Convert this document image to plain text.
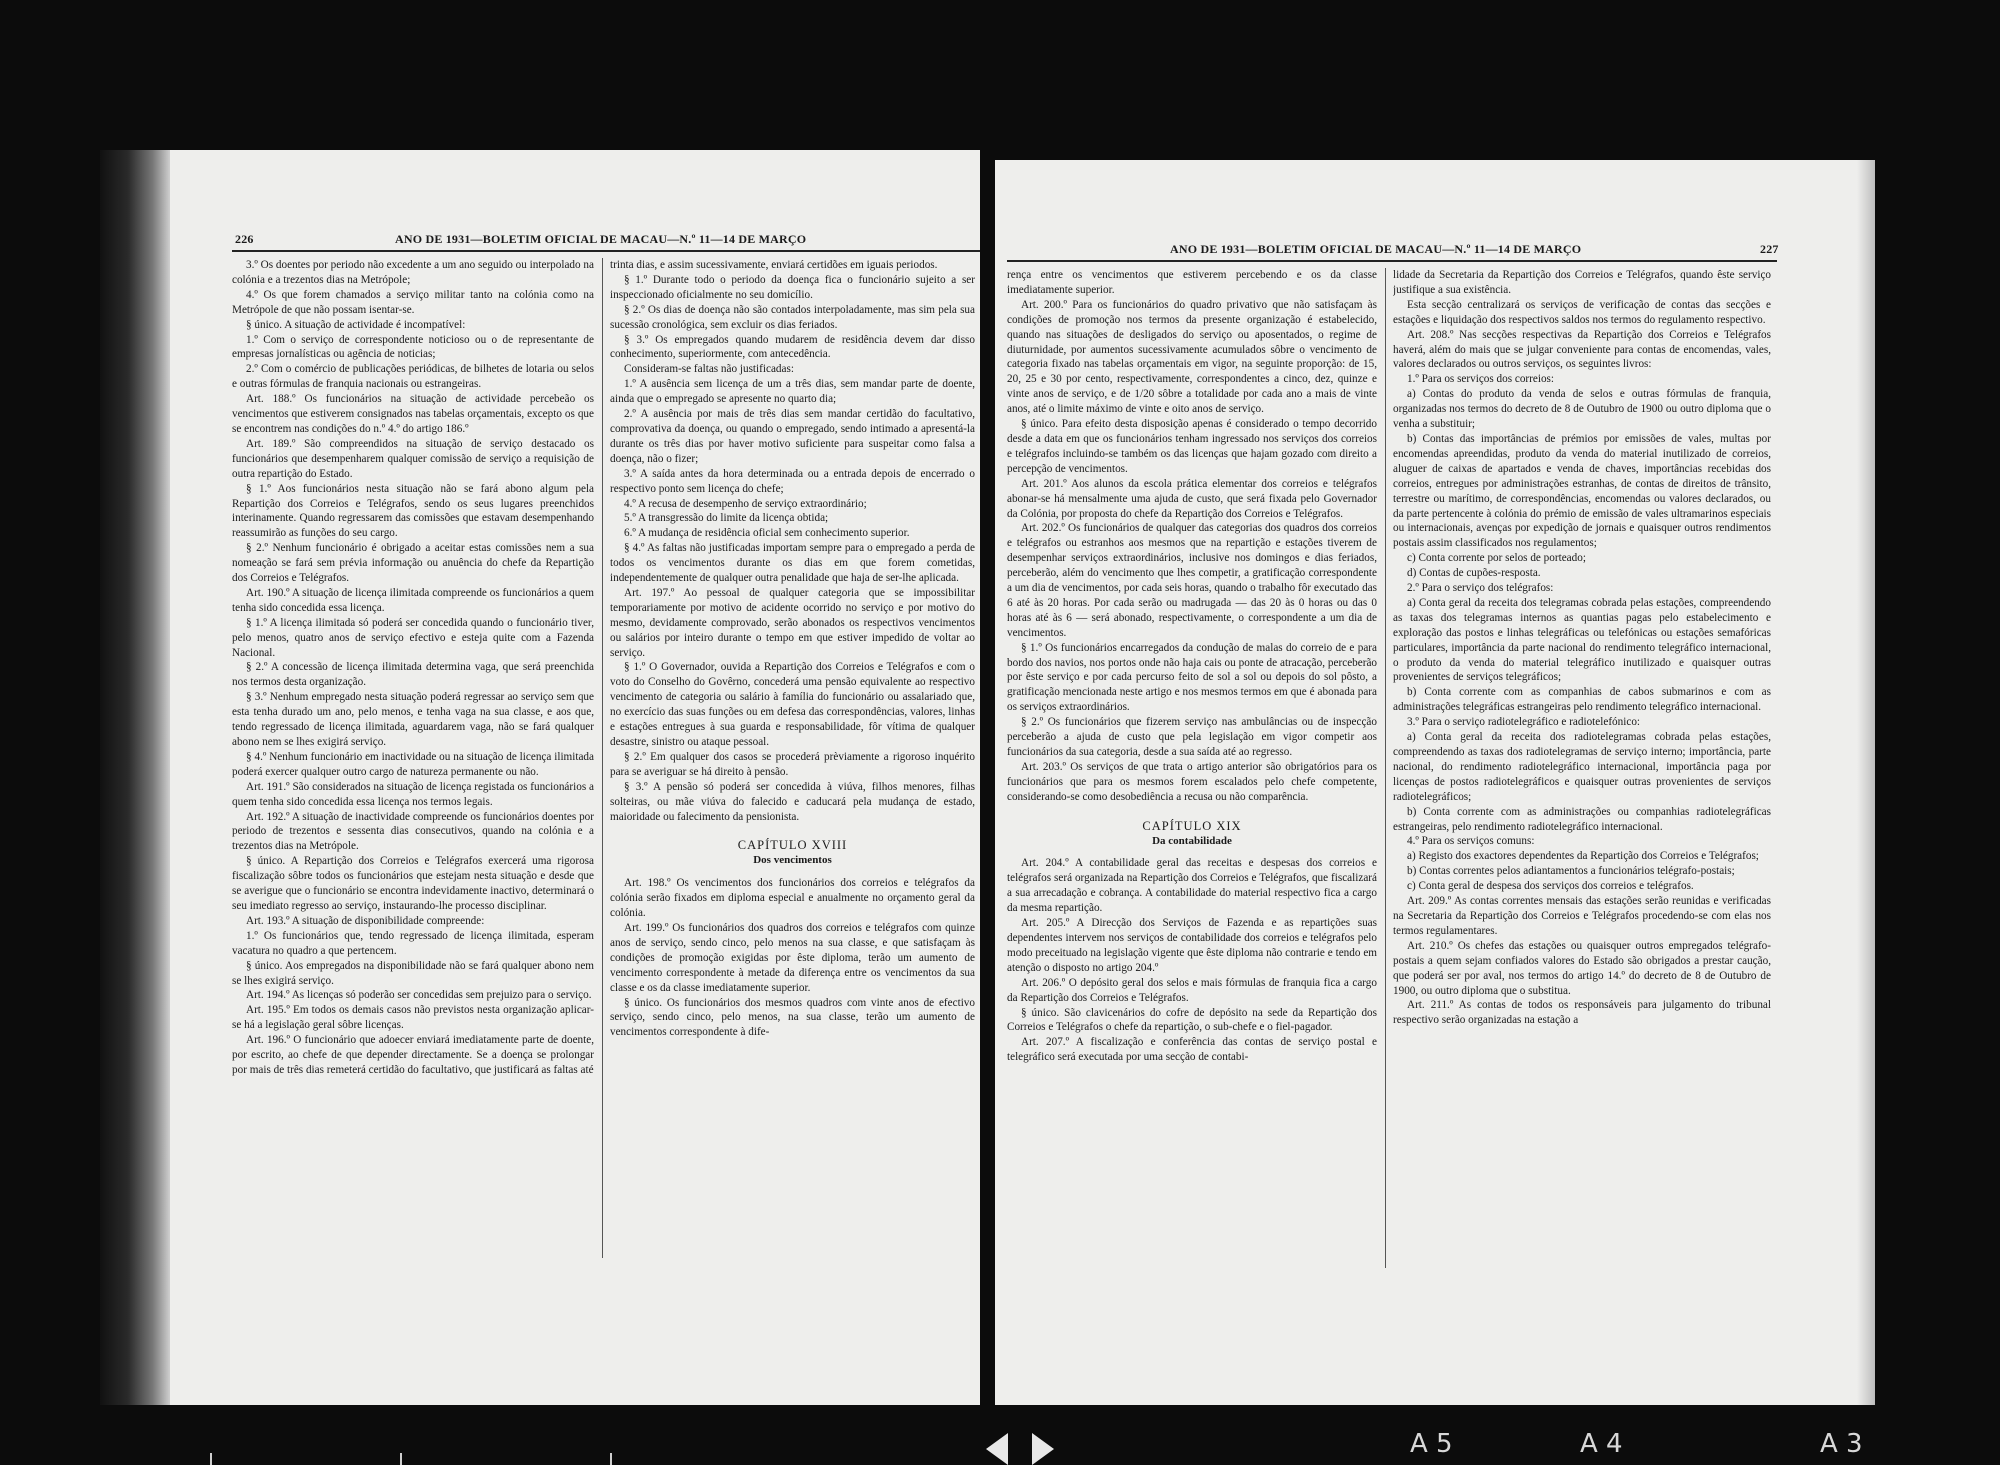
226	ANO DE 1931—BOLETIM OFICIAL DE MACAU—N.º 11—14 DE MARÇO

3.º Os doentes por periodo não excedente a um ano seguido ou interpolado na colónia e a trezentos dias na Metrópole;

4.º Os que forem chamados a serviço militar tanto na colónia como na Metrópole de que não possam isentar-se.

§ único. A situação de actividade é incompatível:

1.º Com o serviço de correspondente noticioso ou o de representante de empresas jornalísticas ou agência de noticias;

2.º Com o comércio de publicações periódicas, de bilhetes de lotaria ou selos e outras fórmulas de franquia nacionais ou estrangeiras.

Art. 188.º Os funcionários na situação de actividade percebeão os vencimentos que estiverem consignados nas tabelas orçamentais, excepto os que se encontrem nas condições do n.º 4.º do artigo 186.º

Art. 189.º São compreendidos na situação de serviço destacado os funcionários que desempenharem qualquer comissão de serviço a requisição de outra repartição do Estado.

§ 1.º Aos funcionários nesta situação não se fará abono algum pela Repartição dos Correios e Telégrafos, sendo os seus lugares preenchidos interinamente. Quando regressarem das comissões que estavam desempenhando reassumirão as funções do seu cargo.

§ 2.º Nenhum funcionário é obrigado a aceitar estas comissões nem a sua nomeação se fará sem prévia informação ou anuência do chefe da Repartição dos Correios e Telégrafos.

Art. 190.º A situação de licença ilimitada compreende os funcionários a quem tenha sido concedida essa licença.

§ 1.º A licença ilimitada só poderá ser concedida quando o funcionário tiver, pelo menos, quatro anos de serviço efectivo e esteja quite com a Fazenda Nacional.

§ 2.º A concessão de licença ilimitada determina vaga, que será preenchida nos termos desta organização.

§ 3.º Nenhum empregado nesta situação poderá regressar ao serviço sem que esta tenha durado um ano, pelo menos, e tenha vaga na sua classe, e aos que, tendo regressado de licença ilimitada, aguardarem vaga, não se fará qualquer abono nem se lhes exigirá serviço.

§ 4.º Nenhum funcionário em inactividade ou na situação de licença ilimitada poderá exercer qualquer outro cargo de natureza permanente ou não.

Art. 191.º São considerados na situação de licença registada os funcionários a quem tenha sido concedida essa licença nos termos legais.

Art. 192.º A situação de inactividade compreende os funcionários doentes por periodo de trezentos e sessenta dias consecutivos, quando na colónia e a trezentos dias na Metrópole.

§ único. A Repartição dos Correios e Telégrafos exercerá uma rigorosa fiscalização sôbre todos os funcionários que estejam nesta situação e desde que se averigue que o funcionário se encontra indevidamente inactivo, determinará o seu imediato regresso ao serviço, instaurando-lhe processo disciplinar.

Art. 193.º A situação de disponibilidade compreende:

1.º Os funcionários que, tendo regressado de licença ilimitada, esperam vacatura no quadro a que pertencem.

§ único. Aos empregados na disponibilidade não se fará qualquer abono nem se lhes exigirá serviço.

Art. 194.º As licenças só poderão ser concedidas sem prejuizo para o serviço.

Art. 195.º Em todos os demais casos não previstos nesta organização aplicar-se há a legislação geral sôbre licenças.

Art. 196.º O funcionário que adoecer enviará imediatamente parte de doente, por escrito, ao chefe de que depender directamente. Se a doença se prolongar por mais de três dias remeterá certidão do facultativo, que justificará as faltas até

trinta dias, e assim sucessivamente, enviará certidões em iguais periodos.

§ 1.º Durante todo o periodo da doença fica o funcionário sujeito a ser inspeccionado oficialmente no seu domicílio.

§ 2.º Os dias de doença não são contados interpoladamente, mas sim pela sua sucessão cronológica, sem excluir os dias feriados.

§ 3.º Os empregados quando mudarem de residência devem dar disso conhecimento, superiormente, com antecedência.

Consideram-se faltas não justificadas:

1.º A ausência sem licença de um a três dias, sem mandar parte de doente, ainda que o empregado se apresente no quarto dia;

2.º A ausência por mais de três dias sem mandar certidão do facultativo, comprovativa da doença, ou quando o empregado, sendo intimado a apresentá-la durante os três dias por haver motivo suficiente para suspeitar como falsa a doença, não o fizer;

3.º A saída antes da hora determinada ou a entrada depois de encerrado o respectivo ponto sem licença do chefe;

4.º A recusa de desempenho de serviço extraordinário;

5.º A transgressão do limite da licença obtida;

6.º A mudança de residência oficial sem conhecimento superior.

§ 4.º As faltas não justificadas importam sempre para o empregado a perda de todos os vencimentos durante os dias em que forem cometidas, independentemente de qualquer outra penalidade que haja de ser-lhe aplicada.

Art. 197.º Ao pessoal de qualquer categoria que se impossibilitar temporariamente por motivo de acidente ocorrido no serviço e por motivo do mesmo, devidamente comprovado, serão abonados os respectivos vencimentos ou salários por inteiro durante o tempo em que estiver impedido de voltar ao serviço.

§ 1.º O Governador, ouvida a Repartição dos Correios e Telégrafos e com o voto do Conselho do Govêrno, concederá uma pensão equivalente ao respectivo vencimento de categoria ou salário à família do funcionário ou assalariado que, no exercício das suas funções ou em defesa das correspondências, valores, linhas e estações entregues à sua guarda e responsabilidade, fôr vítima de qualquer desastre, sinistro ou ataque pessoal.

§ 2.º Em qualquer dos casos se procederá prèviamente a rigoroso inquérito para se averiguar se há direito à pensão.

§ 3.º A pensão só poderá ser concedida à viúva, filhos menores, filhas solteiras, ou mãe viúva do falecido e caducará pela mudança de estado, maioridade ou falecimento da pensionista.

CAPÍTULO XVIII

Dos vencimentos

Art. 198.º Os vencimentos dos funcionários dos correios e telégrafos da colónia serão fixados em diploma especial e anualmente no orçamento geral da colónia.

Art. 199.º Os funcionários dos quadros dos correios e telégrafos com quinze anos de serviço, sendo cinco, pelo menos na sua classe, e que satisfaçam às condições de promoção exigidas por êste diploma, terão um aumento de vencimento correspondente à metade da diferença entre os vencimentos da sua classe e os da classe imediatamente superior.

§ único. Os funcionários dos mesmos quadros com vinte anos de efectivo serviço, sendo cinco, pelo menos, na sua classe, terão um aumento de vencimentos correspondente à dife-

ANO DE 1931—BOLETIM OFICIAL DE MACAU—N.º 11—14 DE MARÇO	227

rença entre os vencimentos que estiverem percebendo e os da classe imediatamente superior.

Art. 200.º Para os funcionários do quadro privativo que não satisfaçam às condições de promoção nos termos da presente organização é estabelecido, quando nas situações de desligados do serviço ou aposentados, o regime de diuturnidade, por aumentos sucessivamente acumulados sôbre o vencimento de categoria fixado nas tabelas orçamentais em vigor, na seguinte proporção: de 15, 20, 25 e 30 por cento, respectivamente, correspondentes a cinco, dez, quinze e vinte anos de serviço, e de 1/20 sôbre a totalidade por cada ano a mais de vinte anos, até o limite máximo de vinte e oito anos de serviço.

§ único. Para efeito desta disposição apenas é considerado o tempo decorrido desde a data em que os funcionários tenham ingressado nos serviços dos correios e telégrafos incluindo-se também os das licenças que hajam gozado com direito a percepção de vencimentos.

Art. 201.º Aos alunos da escola prática elementar dos correios e telégrafos abonar-se há mensalmente uma ajuda de custo, que será fixada pelo Governador da Colónia, por proposta do chefe da Repartição dos Correios e Telégrafos.

Art. 202.º Os funcionários de qualquer das categorias dos quadros dos correios e telégrafos ou estranhos aos mesmos que na repartição e estações tiverem de desempenhar serviços extraordinários, inclusive nos domingos e dias feriados, perceberão, além do vencimento que lhes competir, a gratificação correspondente a um dia de vencimentos, por cada seis horas, quando o trabalho fôr executado das 6 até às 20 horas. Por cada serão ou madrugada — das 20 às 0 horas ou das 0 horas até às 6 — será abonado, respectivamente, o correspondente a um dia de vencimentos.

§ 1.º Os funcionários encarregados da condução de malas do correio de e para bordo dos navios, nos portos onde não haja cais ou ponte de atracação, perceberão por êste serviço e por cada percurso feito de sol a sol ou depois do sol pôsto, a gratificação mencionada neste artigo e nos mesmos termos em que é abonada para os serviços extraordinários.

§ 2.º Os funcionários que fizerem serviço nas ambulâncias ou de inspecção perceberão a ajuda de custo que pela legislação em vigor competir aos funcionários da sua categoria, desde a sua saída até ao regresso.

Art. 203.º Os serviços de que trata o artigo anterior são obrigatórios para os funcionários que para os mesmos forem escalados pelo chefe competente, considerando-se como desobediência a recusa ou não comparência.

CAPÍTULO XIX

Da contabilidade

Art. 204.º A contabilidade geral das receitas e despesas dos correios e telégrafos será organizada na Repartição dos Correios e Telégrafos, que fiscalizará a sua arrecadação e cobrança. A contabilidade do material respectivo fica a cargo da mesma repartição.

Art. 205.º A Direcção dos Serviços de Fazenda e as repartições suas dependentes intervem nos serviços de contabilidade dos correios e telégrafos pelo modo preceituado na legislação vigente que êste diploma não contrarie e tendo em atenção o disposto no artigo 204.º

Art. 206.º O depósito geral dos selos e mais fórmulas de franquia fica a cargo da Repartição dos Correios e Telégrafos.

§ único. São clavicenários do cofre de depósito na sede da Repartição dos Correios e Telégrafos o chefe da repartição, o sub-chefe e o fiel-pagador.

Art. 207.º A fiscalização e conferência das contas de serviço postal e telegráfico será executada por uma secção de contabi-

lidade da Secretaria da Repartição dos Correios e Telégrafos, quando êste serviço justifique a sua existência.

Esta secção centralizará os serviços de verificação de contas das secções e estações e liquidação dos respectivos saldos nos termos do regulamento respectivo.

Art. 208.º Nas secções respectivas da Repartição dos Correios e Telégrafos haverá, além do mais que se julgar conveniente para contas de encomendas, vales, valores declarados ou outros serviços, os seguintes livros:

1.º Para os serviços dos correios:

a) Contas do produto da venda de selos e outras fórmulas de franquia, organizadas nos termos do decreto de 8 de Outubro de 1900 ou outro diploma que o venha a substituir;

b) Contas das importâncias de prémios por emissões de vales, multas por encomendas apreendidas, produto da venda do material inutilizado de correios, aluguer de caixas de apartados e venda de chaves, importâncias recebidas dos correios, entregues por administrações estranhas, de contas de direitos de trânsito, terrestre ou marítimo, de correspondências, encomendas ou valores declarados, ou da parte pertencente à colónia do prémio de emissão de vales ultramarinos especiais ou internacionais, avenças por expedição de jornais e quaisquer outros rendimentos postais assim classificados nos regulamentos;

c) Conta corrente por selos de porteado;

d) Contas de cupões-resposta.

2.º Para o serviço dos telégrafos:

a) Conta geral da receita dos telegramas cobrada pelas estações, compreendendo as taxas dos telegramas internos as quantias pagas pelo estabelecimento e exploração das postos e linhas telegráficas ou telefónicas ou estações semafóricas particulares, importância da parte nacional do rendimento telegráfico internacional, o produto da venda do material telegráfico inutilizado e quaisquer outras provenientes de serviços telegráficos;

b) Conta corrente com as companhias de cabos submarinos e com as administrações telegráficas estrangeiras pelo rendimento telegráfico internacional.

3.º Para o serviço radiotelegráfico e radiotelefónico:

a) Conta geral da receita dos radiotelegramas cobrada pelas estações, compreendendo as taxas dos radiotelegramas de serviço interno; importância, parte nacional, do rendimento radiotelegráfico internacional, importância paga por licenças de postos radiotelegráficos e quaisquer outras provenientes de serviços radiotelegráficos;

b) Conta corrente com as administrações ou companhias radiotelegráficas estrangeiras, pelo rendimento radiotelegráfico internacional.

4.º Para os serviços comuns:

a) Registo dos exactores dependentes da Repartição dos Correios e Telégrafos;

b) Contas correntes pelos adiantamentos a funcionários telégrafo-postais;

c) Conta geral de despesa dos serviços dos correios e telégrafos.

Art. 209.º As contas correntes mensais das estações serão reunidas e verificadas na Secretaria da Repartição dos Correios e Telégrafos procedendo-se com elas nos termos regulamentares.

Art. 210.º Os chefes das estações ou quaisquer outros empregados telégrafo-postais a quem sejam confiados valores do Estado são obrigados a prestar caução, que poderá ser por aval, nos termos do artigo 14.º do decreto de 8 de Outubro de 1900, ou outro diploma que o substitua.

Art. 211.º As contas de todos os responsáveis para julgamento do tribunal respectivo serão organizadas na estação a

A 5	A 4	A 3
